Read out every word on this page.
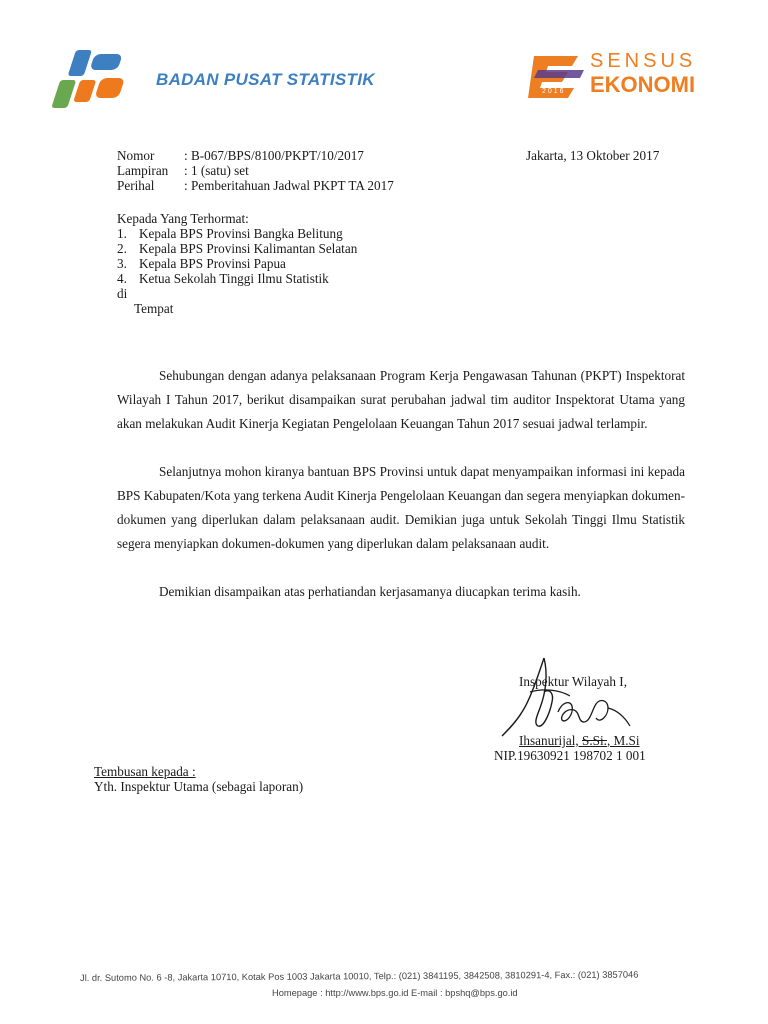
BADAN PUSAT STATISTIK
2016
SENSUS
EKONOMI
Nomor : B-067/BPS/8100/PKPT/10/2017
Lampiran : 1 (satu) set
Perihal : Pemberitahuan Jadwal PKPT TA 2017
Jakarta, 13 Oktober 2017
Kepada Yang Terhormat:
1. Kepala BPS Provinsi Bangka Belitung
2. Kepala BPS Provinsi Kalimantan Selatan
3. Kepala BPS Provinsi Papua
4. Ketua Sekolah Tinggi Ilmu Statistik
di
Tempat
Sehubungan dengan adanya pelaksanaan Program Kerja Pengawasan Tahunan (PKPT) Inspektorat Wilayah I Tahun 2017, berikut disampaikan surat perubahan jadwal tim auditor Inspektorat Utama yang akan melakukan Audit Kinerja Kegiatan Pengelolaan Keuangan Tahun 2017 sesuai jadwal terlampir.
Selanjutnya mohon kiranya bantuan BPS Provinsi untuk dapat menyampaikan informasi ini kepada BPS Kabupaten/Kota yang terkena Audit Kinerja Pengelolaan Keuangan dan segera menyiapkan dokumen-dokumen yang diperlukan dalam pelaksanaan audit. Demikian juga untuk Sekolah Tinggi Ilmu Statistik segera menyiapkan dokumen-dokumen yang diperlukan dalam pelaksanaan audit.
Demikian disampaikan atas perhatiandan kerjasamanya diucapkan terima kasih.
Inspektur Wilayah I,
Ihsanurijal, S.Si., M.Si
NIP.19630921 198702 1 001
Tembusan kepada :
Yth. Inspektur Utama (sebagai laporan)
Jl. dr. Sutomo No. 6 -8, Jakarta 10710, Kotak Pos 1003 Jakarta 10010, Telp.: (021) 3841195, 3842508, 3810291-4, Fax.: (021) 3857046
Homepage : http://www.bps.go.id E-mail : bpshq@bps.go.id
